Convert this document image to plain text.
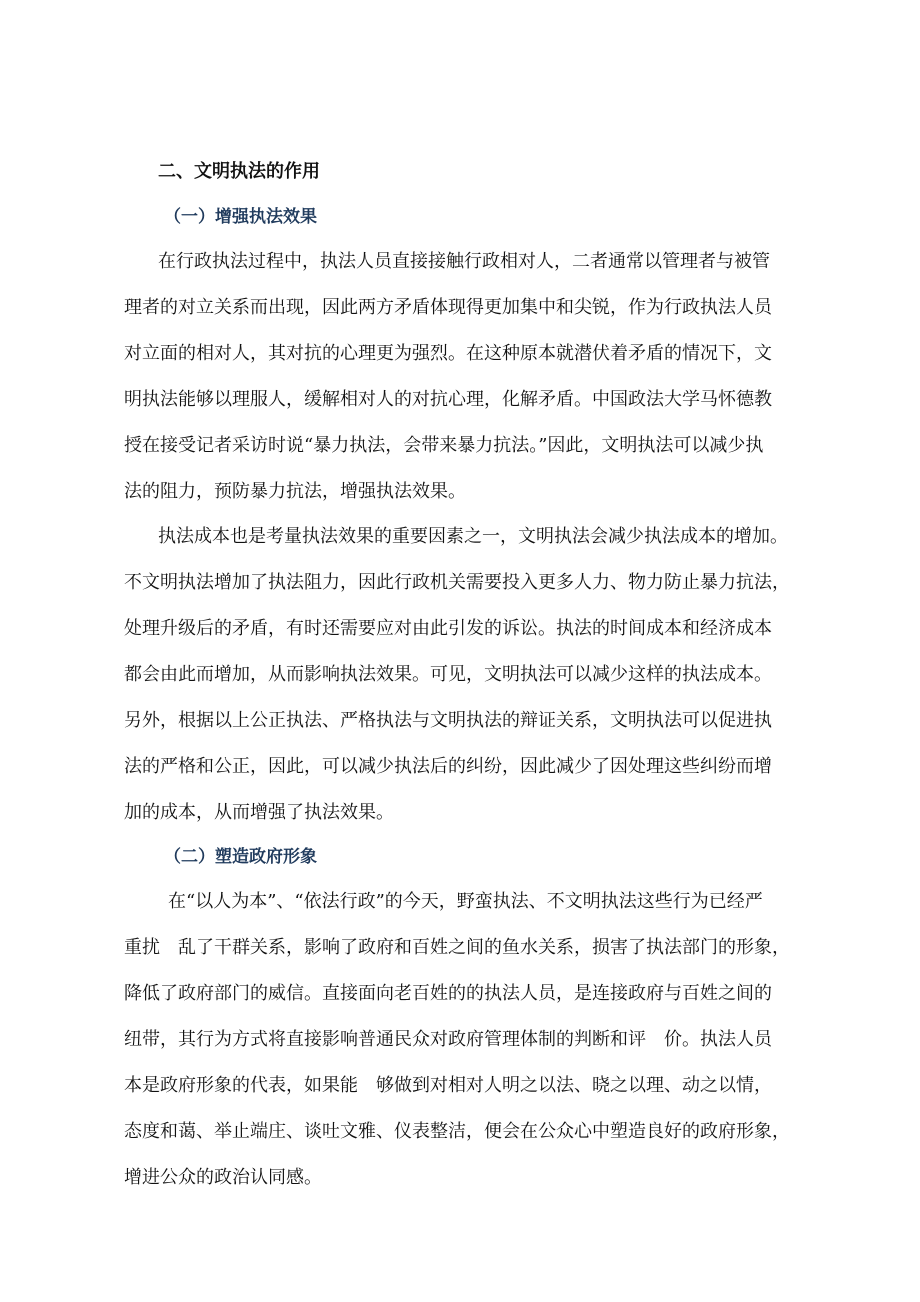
二、文明执法的作用
（一）增强执法效果
在行政执法过程中，执法人员直接接触行政相对人，二者通常以管理者与被管
理者的对立关系而出现，因此两方矛盾体现得更加集中和尖锐，作为行政执法人员
对立面的相对人，其对抗的心理更为强烈。在这种原本就潜伏着矛盾的情况下，文
明执法能够以理服人，缓解相对人的对抗心理，化解矛盾。中国政法大学马怀德教
授在接受记者采访时说“暴力执法，会带来暴力抗法。”因此，文明执法可以减少执
法的阻力，预防暴力抗法，增强执法效果。
执法成本也是考量执法效果的重要因素之一，文明执法会减少执法成本的增加。
不文明执法增加了执法阻力，因此行政机关需要投入更多人力、物力防止暴力抗法，
处理升级后的矛盾，有时还需要应对由此引发的诉讼。执法的时间成本和经济成本
都会由此而增加，从而影响执法效果。可见，文明执法可以减少这样的执法成本。
另外，根据以上公正执法、严格执法与文明执法的辩证关系，文明执法可以促进执
法的严格和公正，因此，可以减少执法后的纠纷，因此减少了因处理这些纠纷而增
加的成本，从而增强了执法效果。
（二）塑造政府形象
在“以人为本”、“依法行政”的今天，野蛮执法、不文明执法这些行为已经严
重扰　乱了干群关系，影响了政府和百姓之间的鱼水关系，损害了执法部门的形象，
降低了政府部门的威信。直接面向老百姓的的执法人员，是连接政府与百姓之间的
纽带，其行为方式将直接影响普通民众对政府管理体制的判断和评　价。执法人员
本是政府形象的代表，如果能　够做到对相对人明之以法、晓之以理、动之以情，
态度和蔼、举止端庄、谈吐文雅、仪表整洁，便会在公众心中塑造良好的政府形象，
增进公众的政治认同感。
